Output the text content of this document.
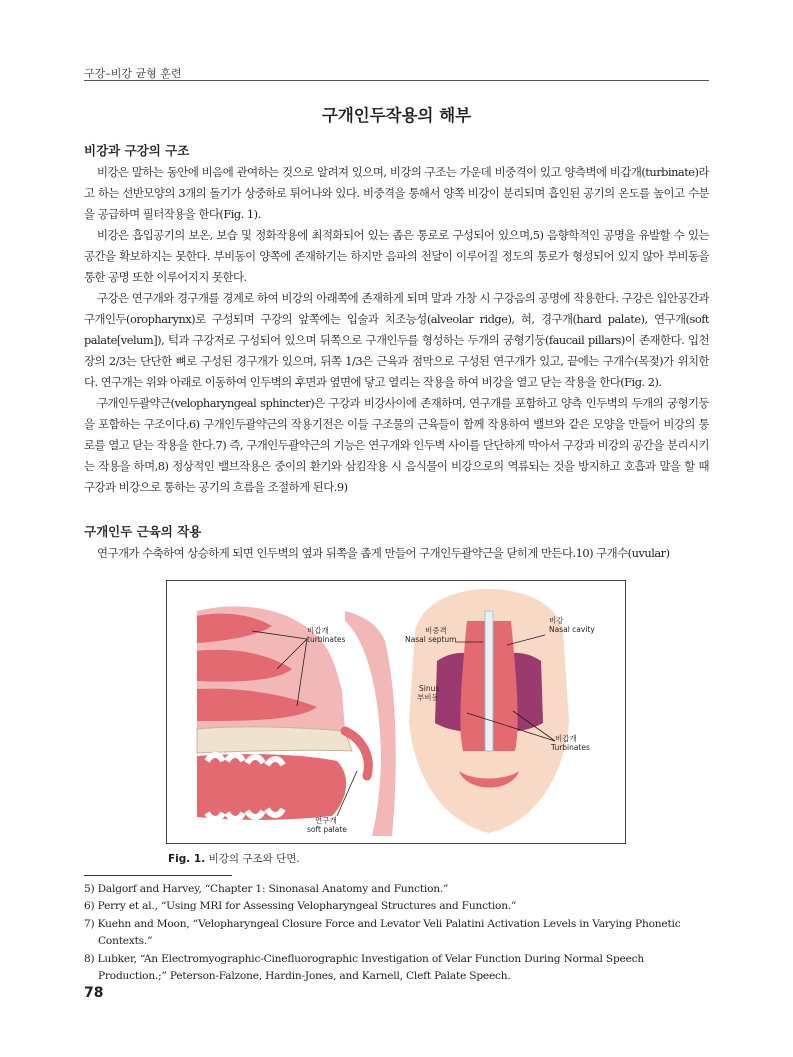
구강–비강 균형 훈련
구개인두작용의 해부
비강과 구강의 구조

비강은 말하는 동안에 비음에 관여하는 것으로 알려져 있으며, 비강의 구조는 가운데 비중격이 있고 양측벽에 비갑개(turbinate)라고 하는 선반모양의 3개의 돌기가 상중하로 튀어나와 있다. 비중격을 통해서 양쪽 비강이 분리되며 흡인된 공기의 온도를 높이고 수분을 공급하며 필터작용을 한다(Fig. 1).

비강은 흡입공기의 보온, 보습 및 정화작용에 최적화되어 있는 좁은 통로로 구성되어 있으며,5) 음향학적인 공명을 유발할 수 있는 공간을 확보하지는 못한다. 부비동이 양쪽에 존재하기는 하지만 음파의 전달이 이루어질 정도의 통로가 형성되어 있지 않아 부비동을 통한 공명 또한 이루어지지 못한다.

구강은 연구개와 경구개를 경계로 하여 비강의 아래쪽에 존재하게 되며 말과 가창 시 구강음의 공명에 작용한다. 구강은 입안공간과 구개인두(oropharynx)로 구성되며 구강의 앞쪽에는 입술과 치조능성(alveolar ridge), 혀, 경구개(hard palate), 연구개(soft palate[velum]), 턱과 구강저로 구성되어 있으며 뒤쪽으로 구개인두를 형성하는 두개의 궁형기둥(faucail pillars)이 존재한다. 입천장의 2/3는 단단한 뼈로 구성된 경구개가 있으며, 뒤쪽 1/3은 근육과 점막으로 구성된 연구개가 있고, 끝에는 구개수(목젖)가 위치한다. 연구개는 위와 아래로 이동하여 인두벽의 후면과 옆면에 닿고 열리는 작용을 하여 비강을 열고 닫는 작용을 한다(Fig. 2).

구개인두괄약근(velopharyngeal sphincter)은 구강과 비강사이에 존재하며, 연구개를 포함하고 양측 인두벽의 두개의 궁형기둥을 포함하는 구조이다.6) 구개인두괄약근의 작용기전은 이들 구조물의 근육들이 함께 작용하여 밸브와 같은 모양을 만들어 비강의 통로를 열고 닫는 작용을 한다.7) 즉, 구개인두괄약근의 기능은 연구개와 인두벽 사이를 단단하게 막아서 구강과 비강의 공간을 분리시키는 작용을 하며,8) 정상적인 밸브작용은 중이의 환기와 삼킴작용 시 음식물이 비강으로의 역류되는 것을 방지하고 호흡과 말을 할 때 구강과 비강으로 통하는 공기의 흐름을 조절하게 된다.9)

구개인두 근육의 작용

연구개가 수축하여 상승하게 되면 인두벽의 옆과 뒤쪽을 좁게 만들어 구개인두괄약근을 닫히게 만든다.10) 구개수(uvular)

비갑개
turbinates
연구개
soft palate
비중격
Nasal septum
비강
Nasal cavity
Sinus
부비동
비갑개
Turbinates
Fig. 1. 비강의 구조와 단면.
5) Dalgorf and Harvey, “Chapter 1: Sinonasal Anatomy and Function.”
6) Perry et al., “Using MRI for Assessing Velopharyngeal Structures and Function.”
7) Kuehn and Moon, “Velopharyngeal Closure Force and Levator Veli Palatini Activation Levels in Varying Phonetic Contexts.”
8) Lubker, “An Electromyographic-Cinefluorographic Investigation of Velar Function During Normal Speech Production.;” Peterson-Falzone, Hardin-Jones, and Karnell, Cleft Palate Speech.
78
